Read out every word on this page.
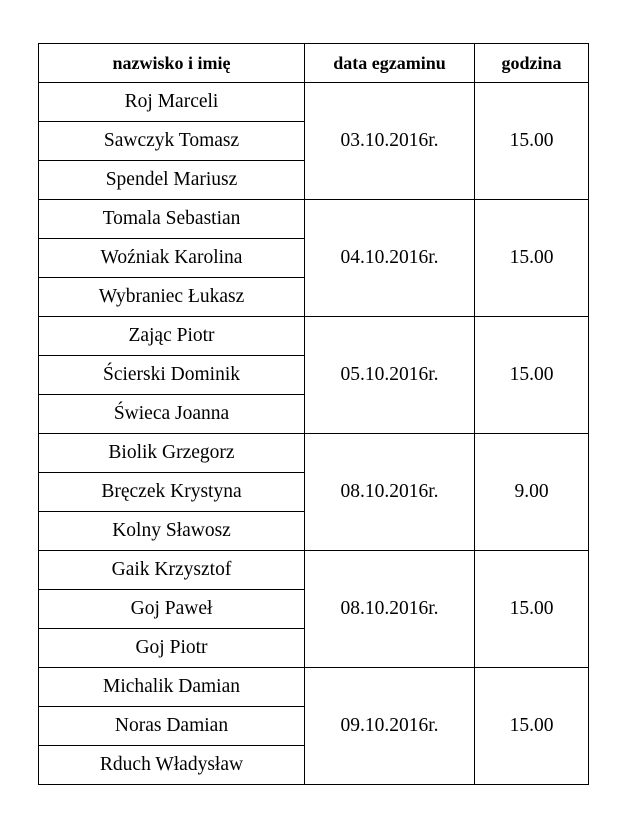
nazwisko i imię	data egzaminu	godzina
Roj Marceli	03.10.2016r.	15.00
Sawczyk Tomasz		
Spendel Mariusz		
Tomala Sebastian	04.10.2016r.	15.00
Woźniak Karolina		
Wybraniec Łukasz		
Zając Piotr	05.10.2016r.	15.00
Ścierski Dominik		
Świeca Joanna		
Biolik Grzegorz	08.10.2016r.	9.00
Bręczek Krystyna		
Kolny Sławosz		
Gaik Krzysztof	08.10.2016r.	15.00
Goj Paweł		
Goj Piotr		
Michalik Damian	09.10.2016r.	15.00
Noras Damian		
Rduch Władysław		
